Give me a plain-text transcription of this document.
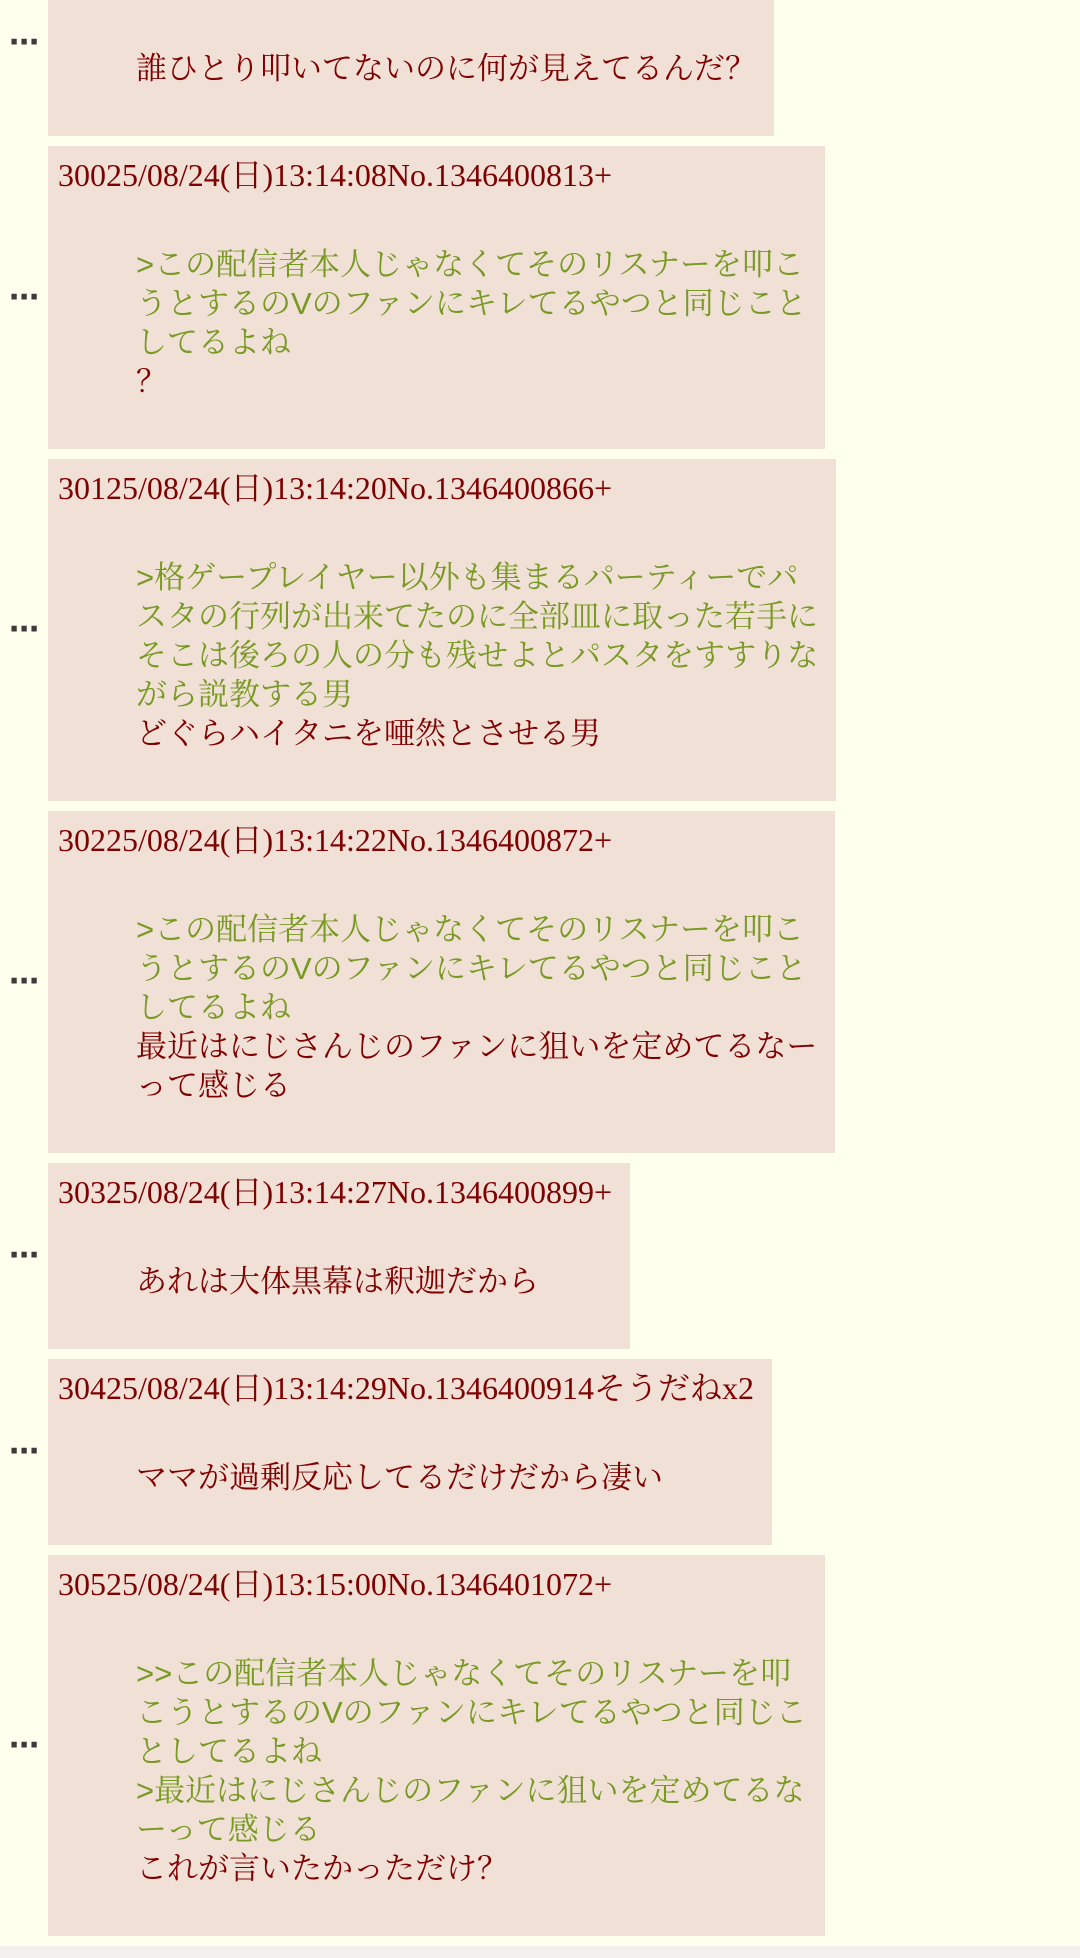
⋯
誰ひとり叩いてないのに何が見えてるんだ？
⋯
30025/08/24(日)13:14:08No.1346400813+
>この配信者本人じゃなくてそのリスナーを叩こ
うとするのVのファンにキレてるやつと同じこと
してるよね
？
⋯
30125/08/24(日)13:14:20No.1346400866+
>格ゲープレイヤー以外も集まるパーティーでパ
スタの行列が出来てたのに全部皿に取った若手に
そこは後ろの人の分も残せよとパスタをすすりな
がら説教する男
どぐらハイタニを唖然とさせる男
⋯
30225/08/24(日)13:14:22No.1346400872+
>この配信者本人じゃなくてそのリスナーを叩こ
うとするのVのファンにキレてるやつと同じこと
してるよね
最近はにじさんじのファンに狙いを定めてるなー
って感じる
⋯
30325/08/24(日)13:14:27No.1346400899+
あれは大体黒幕は釈迦だから
⋯
30425/08/24(日)13:14:29No.1346400914そうだねx2
ママが過剰反応してるだけだから凄い
⋯
30525/08/24(日)13:15:00No.1346401072+
>>この配信者本人じゃなくてそのリスナーを叩
こうとするのVのファンにキレてるやつと同じこ
としてるよね
>最近はにじさんじのファンに狙いを定めてるな
ーって感じる
これが言いたかっただけ？
